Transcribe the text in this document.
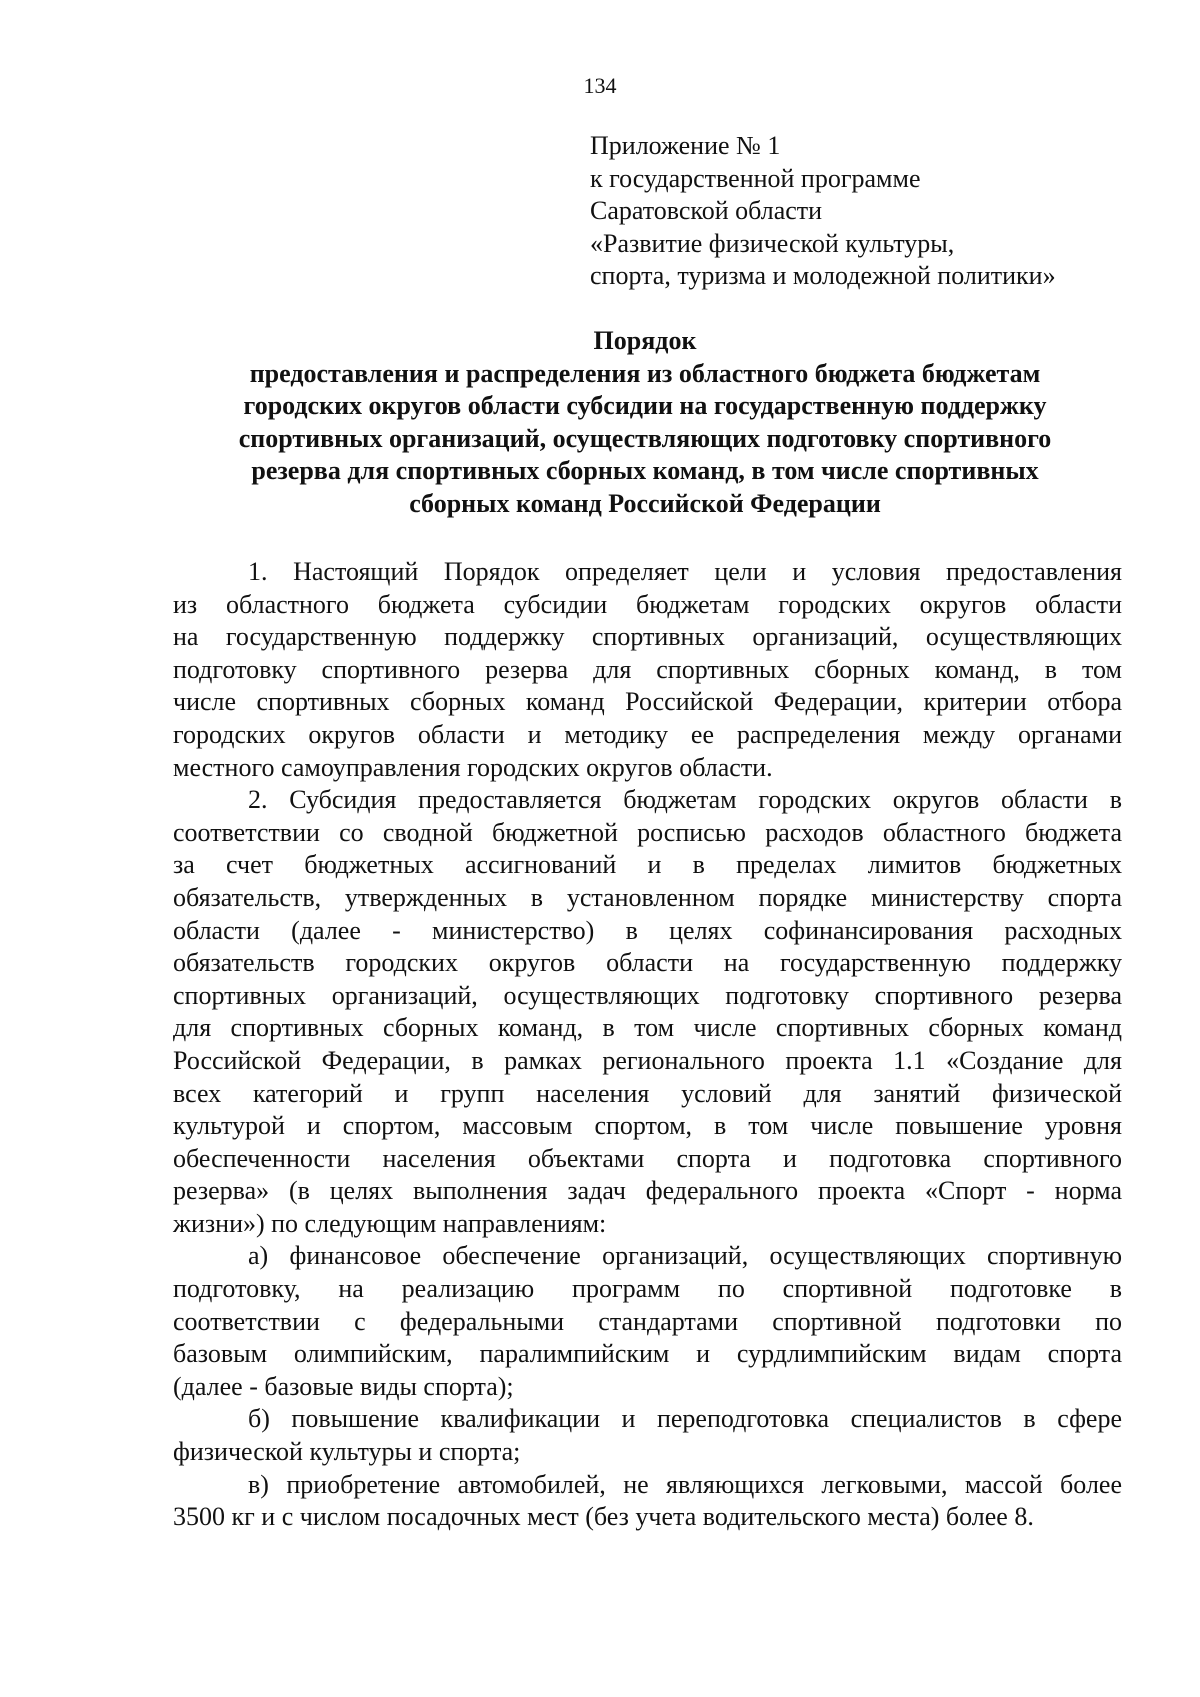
134
Приложение № 1
к государственной программе
Саратовской области
«Развитие физической культуры,
спорта, туризма и молодежной политики»
Порядок
предоставления и распределения из областного бюджета бюджетам
городских округов области субсидии на государственную поддержку
спортивных организаций, осуществляющих подготовку спортивного
резерва для спортивных сборных команд, в том числе спортивных
сборных команд Российской Федерации
1. Настоящий Порядок определяет цели и условия предоставления
из областного бюджета субсидии бюджетам городских округов области
на государственную поддержку спортивных организаций, осуществляющих
подготовку спортивного резерва для спортивных сборных команд, в том
числе спортивных сборных команд Российской Федерации, критерии отбора
городских округов области и методику ее распределения между органами
местного самоуправления городских округов области.
2. Субсидия предоставляется бюджетам городских округов области в
соответствии со сводной бюджетной росписью расходов областного бюджета
за счет бюджетных ассигнований и в пределах лимитов бюджетных
обязательств, утвержденных в установленном порядке министерству спорта
области (далее - министерство) в целях софинансирования расходных
обязательств городских округов области на государственную поддержку
спортивных организаций, осуществляющих подготовку спортивного резерва
для спортивных сборных команд, в том числе спортивных сборных команд
Российской Федерации, в рамках регионального проекта 1.1 «Создание для
всех категорий и групп населения условий для занятий физической
культурой и спортом, массовым спортом, в том числе повышение уровня
обеспеченности населения объектами спорта и подготовка спортивного
резерва» (в целях выполнения задач федерального проекта «Спорт - норма
жизни») по следующим направлениям:
а) финансовое обеспечение организаций, осуществляющих спортивную
подготовку, на реализацию программ по спортивной подготовке в
соответствии с федеральными стандартами спортивной подготовки по
базовым олимпийским, паралимпийским и сурдлимпийским видам спорта
(далее - базовые виды спорта);
б) повышение квалификации и переподготовка специалистов в сфере
физической культуры и спорта;
в) приобретение автомобилей, не являющихся легковыми, массой более
3500 кг и с числом посадочных мест (без учета водительского места) более 8.
